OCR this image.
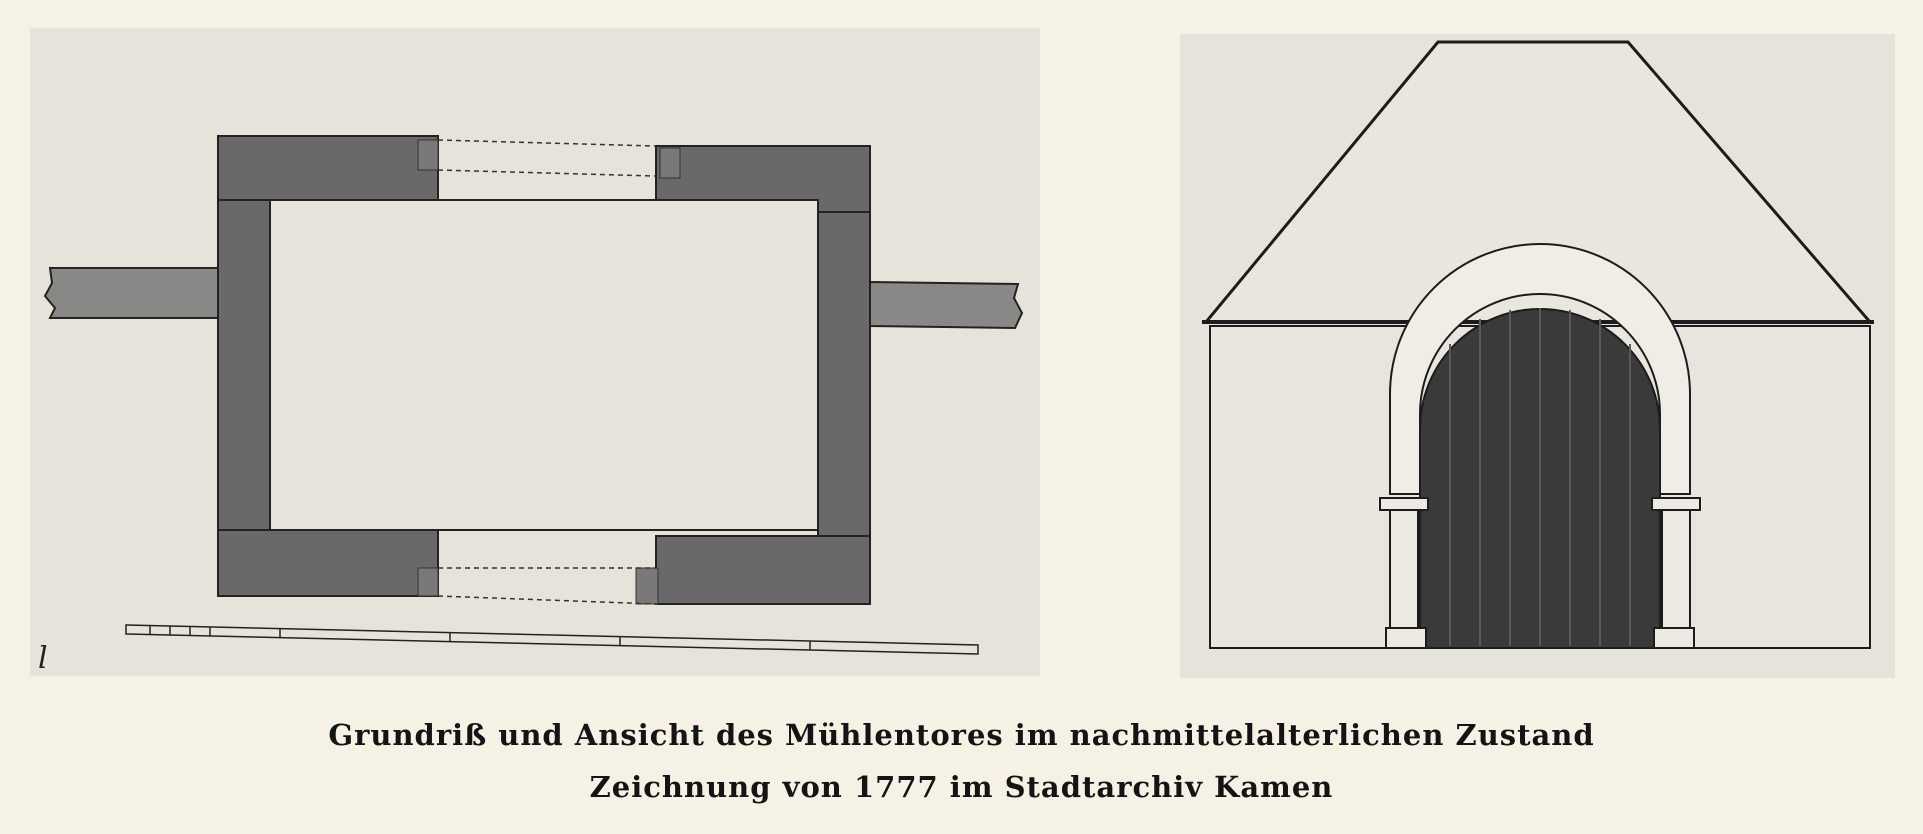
l
Grundriß und Ansicht des Mühlentores im nachmittelalterlichen Zustand
Zeichnung von 1777 im Stadtarchiv Kamen
